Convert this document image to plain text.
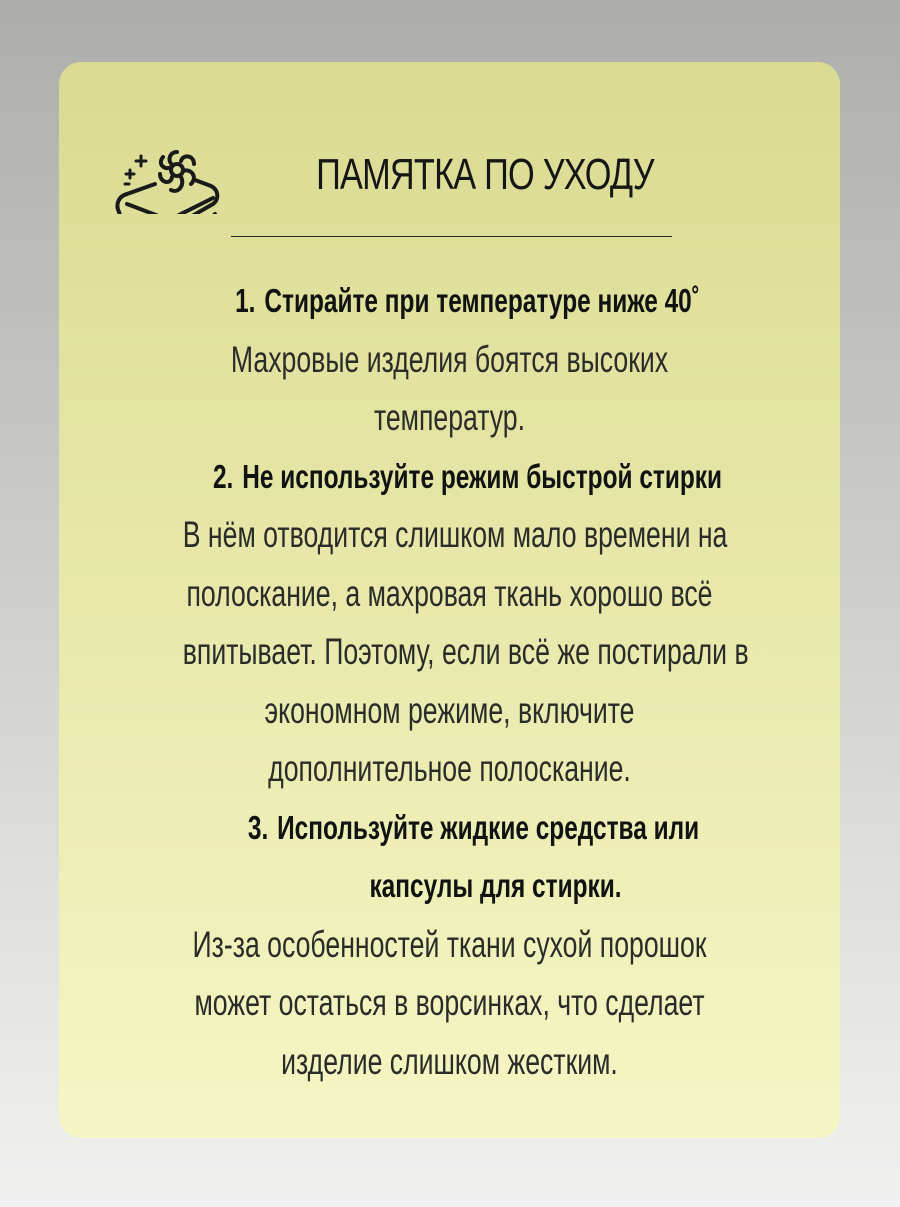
ПАМЯТКА ПО УХОДУ
1. Стирайте при температуре ниже 40˚
Махровые изделия боятся высоких
температур.
2. Не используйте режим быстрой стирки
В нём отводится слишком мало времени на
полоскание, а махровая ткань хорошо всё
впитывает. Поэтому, если всё же постирали в
экономном режиме, включите
дополнительное полоскание.
3. Используйте жидкие средства или
капсулы для стирки.
Из-за особенностей ткани сухой порошок
может остаться в ворсинках, что сделает
изделие слишком жестким.
